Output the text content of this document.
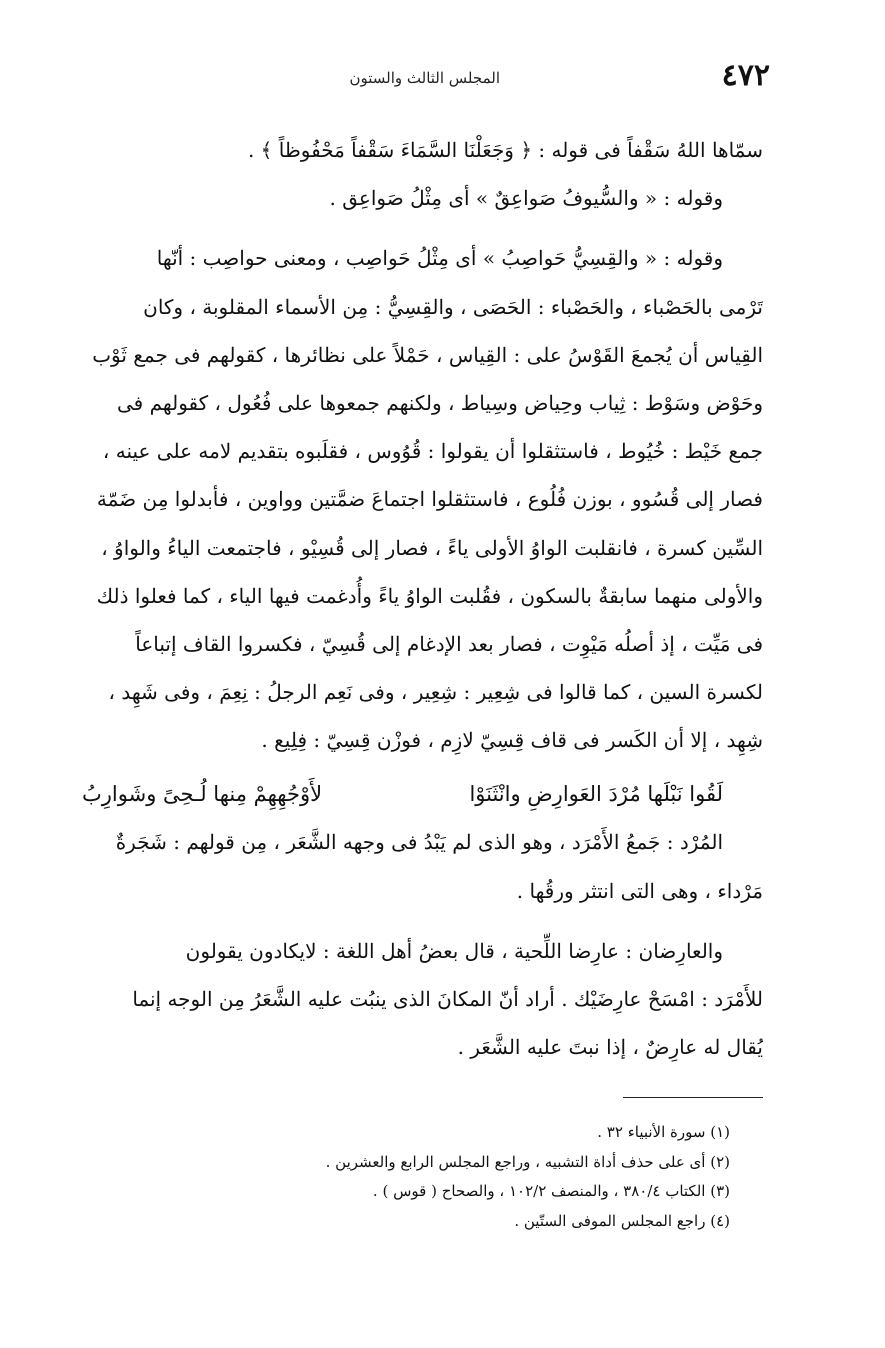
٤٧٢
المجلس الثالث والستون
سمّاها اللهُ سَقْفاً فى قوله : ﴿ وَجَعَلْنَا السَّمَاءَ سَقْفاً مَحْفُوظاً ﴾ .
وقوله : « والسُّيوفُ صَواعِقٌ » أى مِثْلُ صَواعِق .
وقوله : « والقِسِيُّ حَواصِبُ » أى مِثْلُ حَواصِب ، ومعنى حواصِب : أنّها
تَرْمى بالحَصْباء ، والحَصْباء : الحَصَى ، والقِسِيُّ : مِن الأسماء المقلوبة ، وكان
القِياس أن يُجمعَ القَوْسُ على : القِياس ، حَمْلاً على نظائرها ، كقولهم فى جمع ثَوْب
وحَوْض وسَوْط : ثِياب وحِياض وسِياط ، ولكنهم جمعوها على فُعُول ، كقولهم فى
جمع خَيْط : خُيُوط ، فاستثقلوا أن يقولوا : قُوُوس ، فقلَبوه بتقديم لامه على عينه ،
فصار إلى قُسُوو ، بوزن فُلُوع ، فاستثقلوا اجتماعَ ضمَّتين وواوين ، فأبدلوا مِن ضَمّة
السِّين كسرة ، فانقلبت الواوُ الأولى ياءً ، فصار إلى قُسِيْو ، فاجتمعت الياءُ والواوُ ،
والأولى منهما سابقةٌ بالسكون ، فقُلبت الواوُ ياءً وأُدغمت فيها الياء ، كما فعلوا ذلك
فى مَيِّت ، إذ أصلُه مَيْوِت ، فصار بعد الإدغام إلى قُسِيّ ، فكسروا القاف إتباعاً
لكسرة السين ، كما قالوا فى شِعِير : شِعِير ، وفى نَعِم الرجلُ : نِعِمَ ، وفى شَهِد ،
شِهِد ، إلا أن الكَسر فى قاف قِسِيّ لازِم ، فوزْن قِسِيّ : فِلِيع .
لَقُوا نَبْلَها مُرْدَ العَوارِضِ وانْثَنَوْا
لأَوْجُهِهِمْ مِنها لُـحِىً وشَوارِبُ
المُرْد : جَمعُ الأَمْرَد ، وهو الذى لم يَبْدُ فى وجهه الشَّعَر ، مِن قولهم : شَجَرةٌ
مَرْداء ، وهى التى انتثر ورقُها .
والعارِضان : عارِضا اللِّحية ، قال بعضُ أهل اللغة : لايكادون يقولون
للأَمْرَد : امْسَحْ عارِضَيْك . أراد أنّ المكانَ الذى ينبُت عليه الشَّعَرُ مِن الوجه إنما
يُقال له عارِضٌ ، إذا نبتَ عليه الشَّعَر .
(١) سورة الأنبياء ٣٢ .
(٢) أى على حذف أداة التشبيه ، وراجع المجلس الرابع والعشرين .
(٣) الكتاب ٣٨٠/٤ ، والمنصف ١٠٢/٢ ، والصحاح ( قوس ) .
(٤) راجع المجلس الموفى الستّين .
